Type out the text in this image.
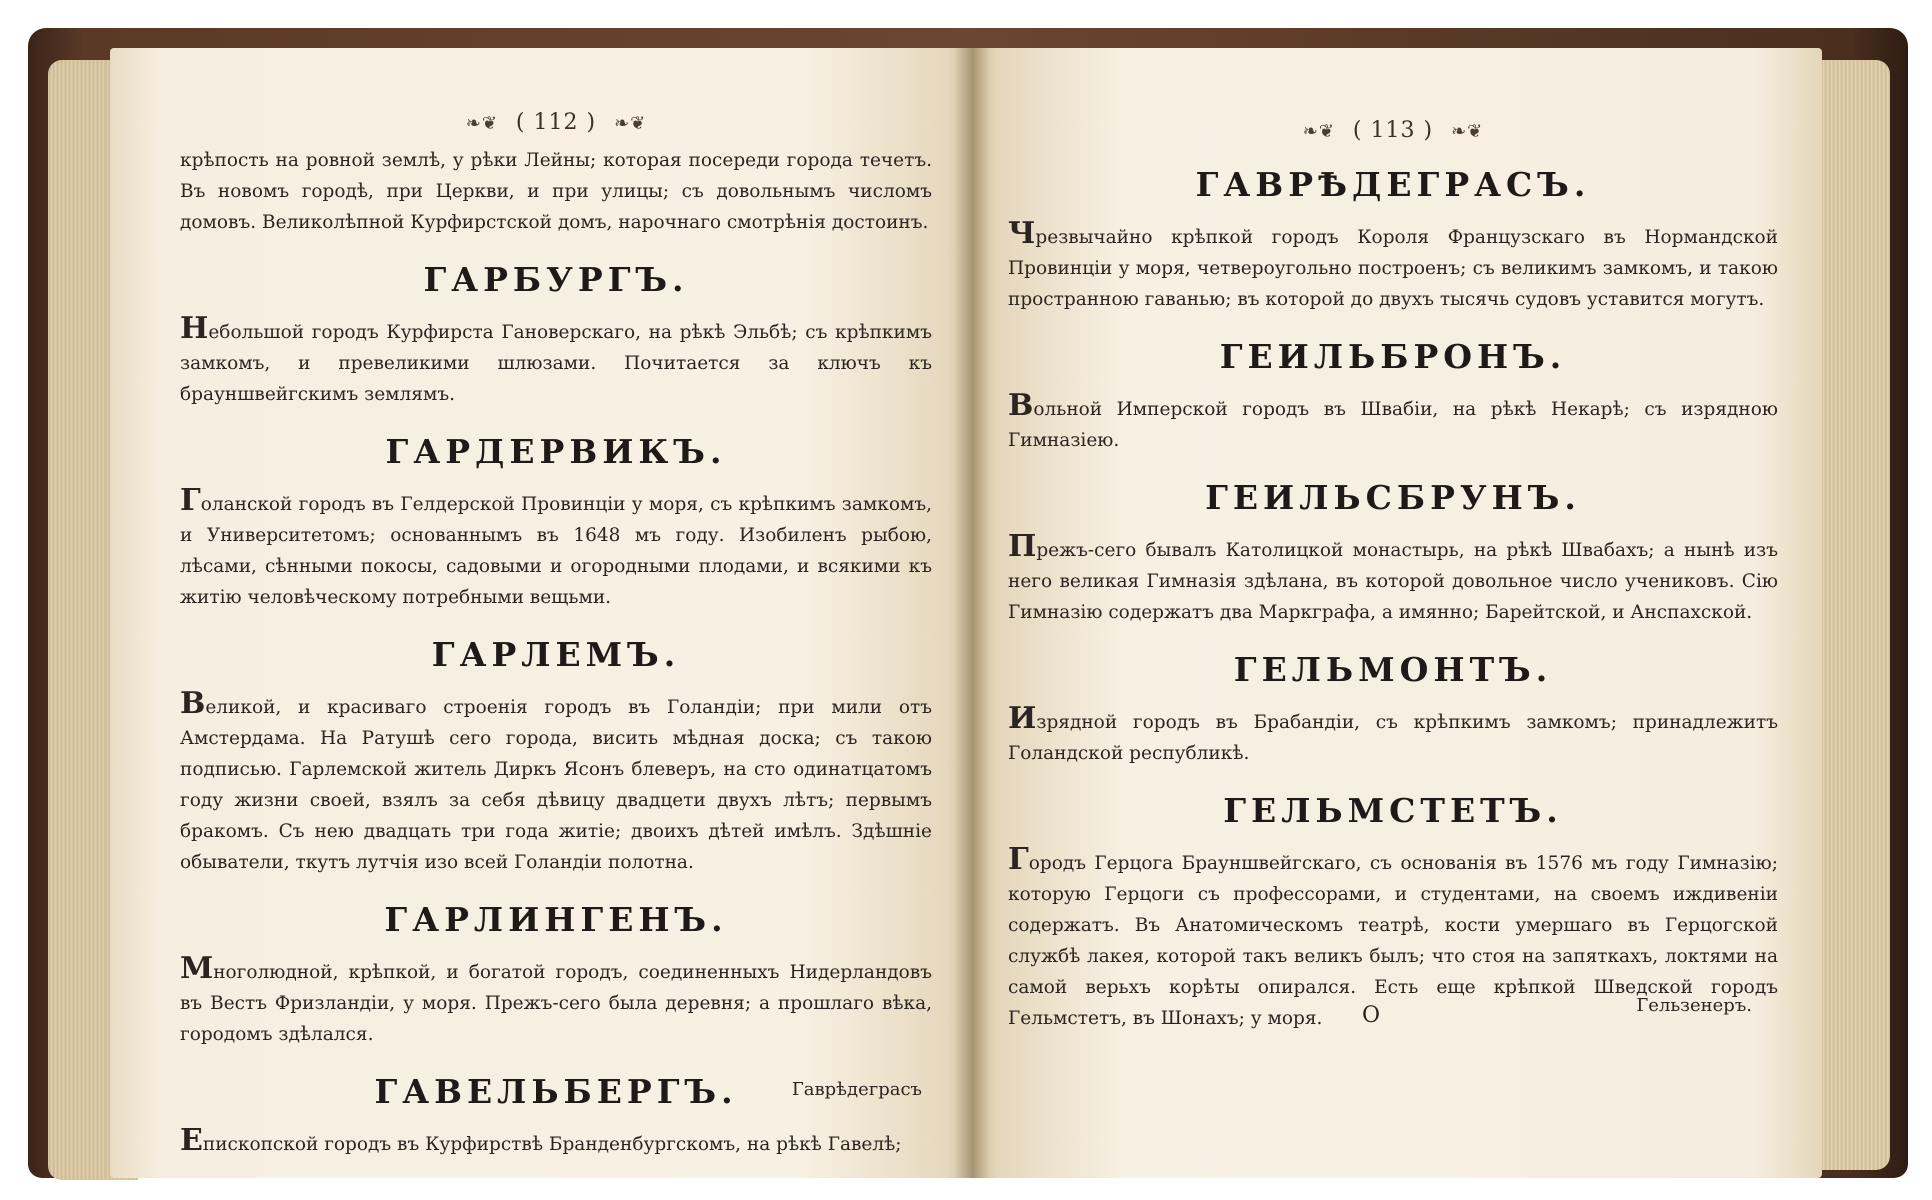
❧❦ ( 112 ) ❧❦
крѣпость на ровной землѣ, у рѣки Лейны; которая посереди города течетъ. Въ новомъ городѣ, при Церкви, и при улицы; съ довольнымъ числомъ домовъ. Великолѣпной Курфирстской домъ, нарочнаго смотрѣнія достоинъ.
ГАРБУРГЪ.
Небольшой городъ Курфирста Гановерскаго, на рѣкѣ Эльбѣ; съ крѣпкимъ замкомъ, и превеликими шлюзами. Почитается за ключъ къ брауншвейгскимъ землямъ.
ГАРДЕРВИКЪ.
Голанской городъ въ Гелдерской Провинціи у моря, съ крѣпкимъ замкомъ, и Университетомъ; основаннымъ въ 1648 мъ году. Изобиленъ рыбою, лѣсами, сѣнными покосы, садовыми и огородными плодами, и всякими къ житію человѣческому потребными вещьми.
ГАРЛЕМЪ.
Великой, и красиваго строенія городъ въ Голандіи; при мили отъ Амстердама. На Ратушѣ сего города, висить мѣдная доска; съ такою подписью. Гарлемской житель Диркъ Ясонъ блеверъ, на сто одинатцатомъ году жизни своей, взялъ за себя дѣвицу двадцети двухъ лѣтъ; первымъ бракомъ. Съ нею двадцать три года житіе; двоихъ дѣтей имѣлъ. Здѣшніе обыватели, ткутъ лутчія изо всей Голандіи полотна.
ГАРЛИНГЕНЪ.
Многолюдной, крѣпкой, и богатой городъ, соединенныхъ Нидерландовъ въ Вестъ Фризландіи, у моря. Прежъ-сего была деревня; а прошлаго вѣка, городомъ здѣлался.
ГАВЕЛЬБЕРГЪ.
Епископской городъ въ Курфирствѣ Бранденбургскомъ, на рѣкѣ Гавелѣ;
Гаврѣдеграсъ
❧❦ ( 113 ) ❧❦
ГАВРѢДЕГРАСЪ.
Чрезвычайно крѣпкой городъ Короля Французскаго въ Нормандской Провинціи у моря, четвероугольно построенъ; съ великимъ замкомъ, и такою пространною гаванью; въ которой до двухъ тысячь судовъ уставится могутъ.
ГЕИЛЬБРОНЪ.
Вольной Имперской городъ въ Швабіи, на рѣкѣ Некарѣ; съ изрядною Гимназіею.
ГЕИЛЬСБРУНЪ.
Прежъ-сего бывалъ Католицкой монастырь, на рѣкѣ Швабахъ; а нынѣ изъ него великая Гимназія здѣлана, въ которой довольное число учениковъ. Сію Гимназію содержатъ два Маркграфа, а имянно; Барейтской, и Анспахской.
ГЕЛЬМОНТЪ.
Изрядной городъ въ Брабандіи, съ крѣпкимъ замкомъ; принадлежитъ Голандской республикѣ.
ГЕЛЬМСТЕТЪ.
Городъ Герцога Брауншвейгскаго, съ основанія въ 1576 мъ году Гимназію; которую Герцоги съ профессорами, и студентами, на своемъ иждивеніи содержатъ. Въ Анатомическомъ театрѣ, кости умершаго въ Герцогской службѣ лакея, которой такъ великъ былъ; что стоя на запяткахъ, локтями на самой верьхъ корѣты опирался. Есть еще крѣпкой Шведской городъ Гельмстетъ, въ Шонахъ; у моря.	О	Гельзенеръ.
